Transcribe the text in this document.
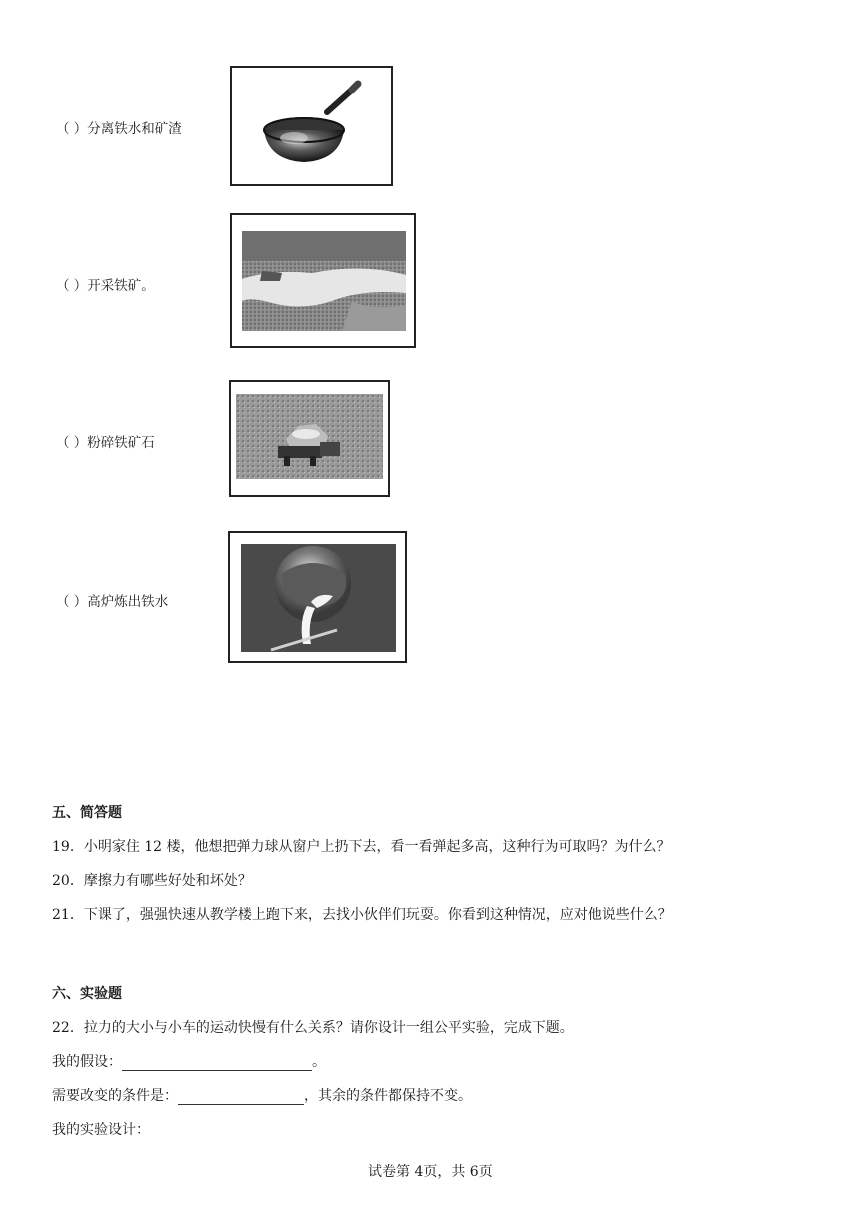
（ ）分离铁水和矿渣
（ ）开采铁矿。
（ ）粉碎铁矿石
（ ）高炉炼出铁水
五、简答题
19．小明家住 12 楼，他想把弹力球从窗户上扔下去，看一看弹起多高，这种行为可取吗？为什么？
20．摩擦力有哪些好处和坏处？
21．下课了，强强快速从教学楼上跑下来，去找小伙伴们玩耍。你看到这种情况，应对他说些什么？
六、实验题
22．拉力的大小与小车的运动快慢有什么关系？请你设计一组公平实验，完成下题。
我的假设：	。
需要改变的条件是：	，其余的条件都保持不变。
我的实验设计：
试卷第 4页，共 6页
